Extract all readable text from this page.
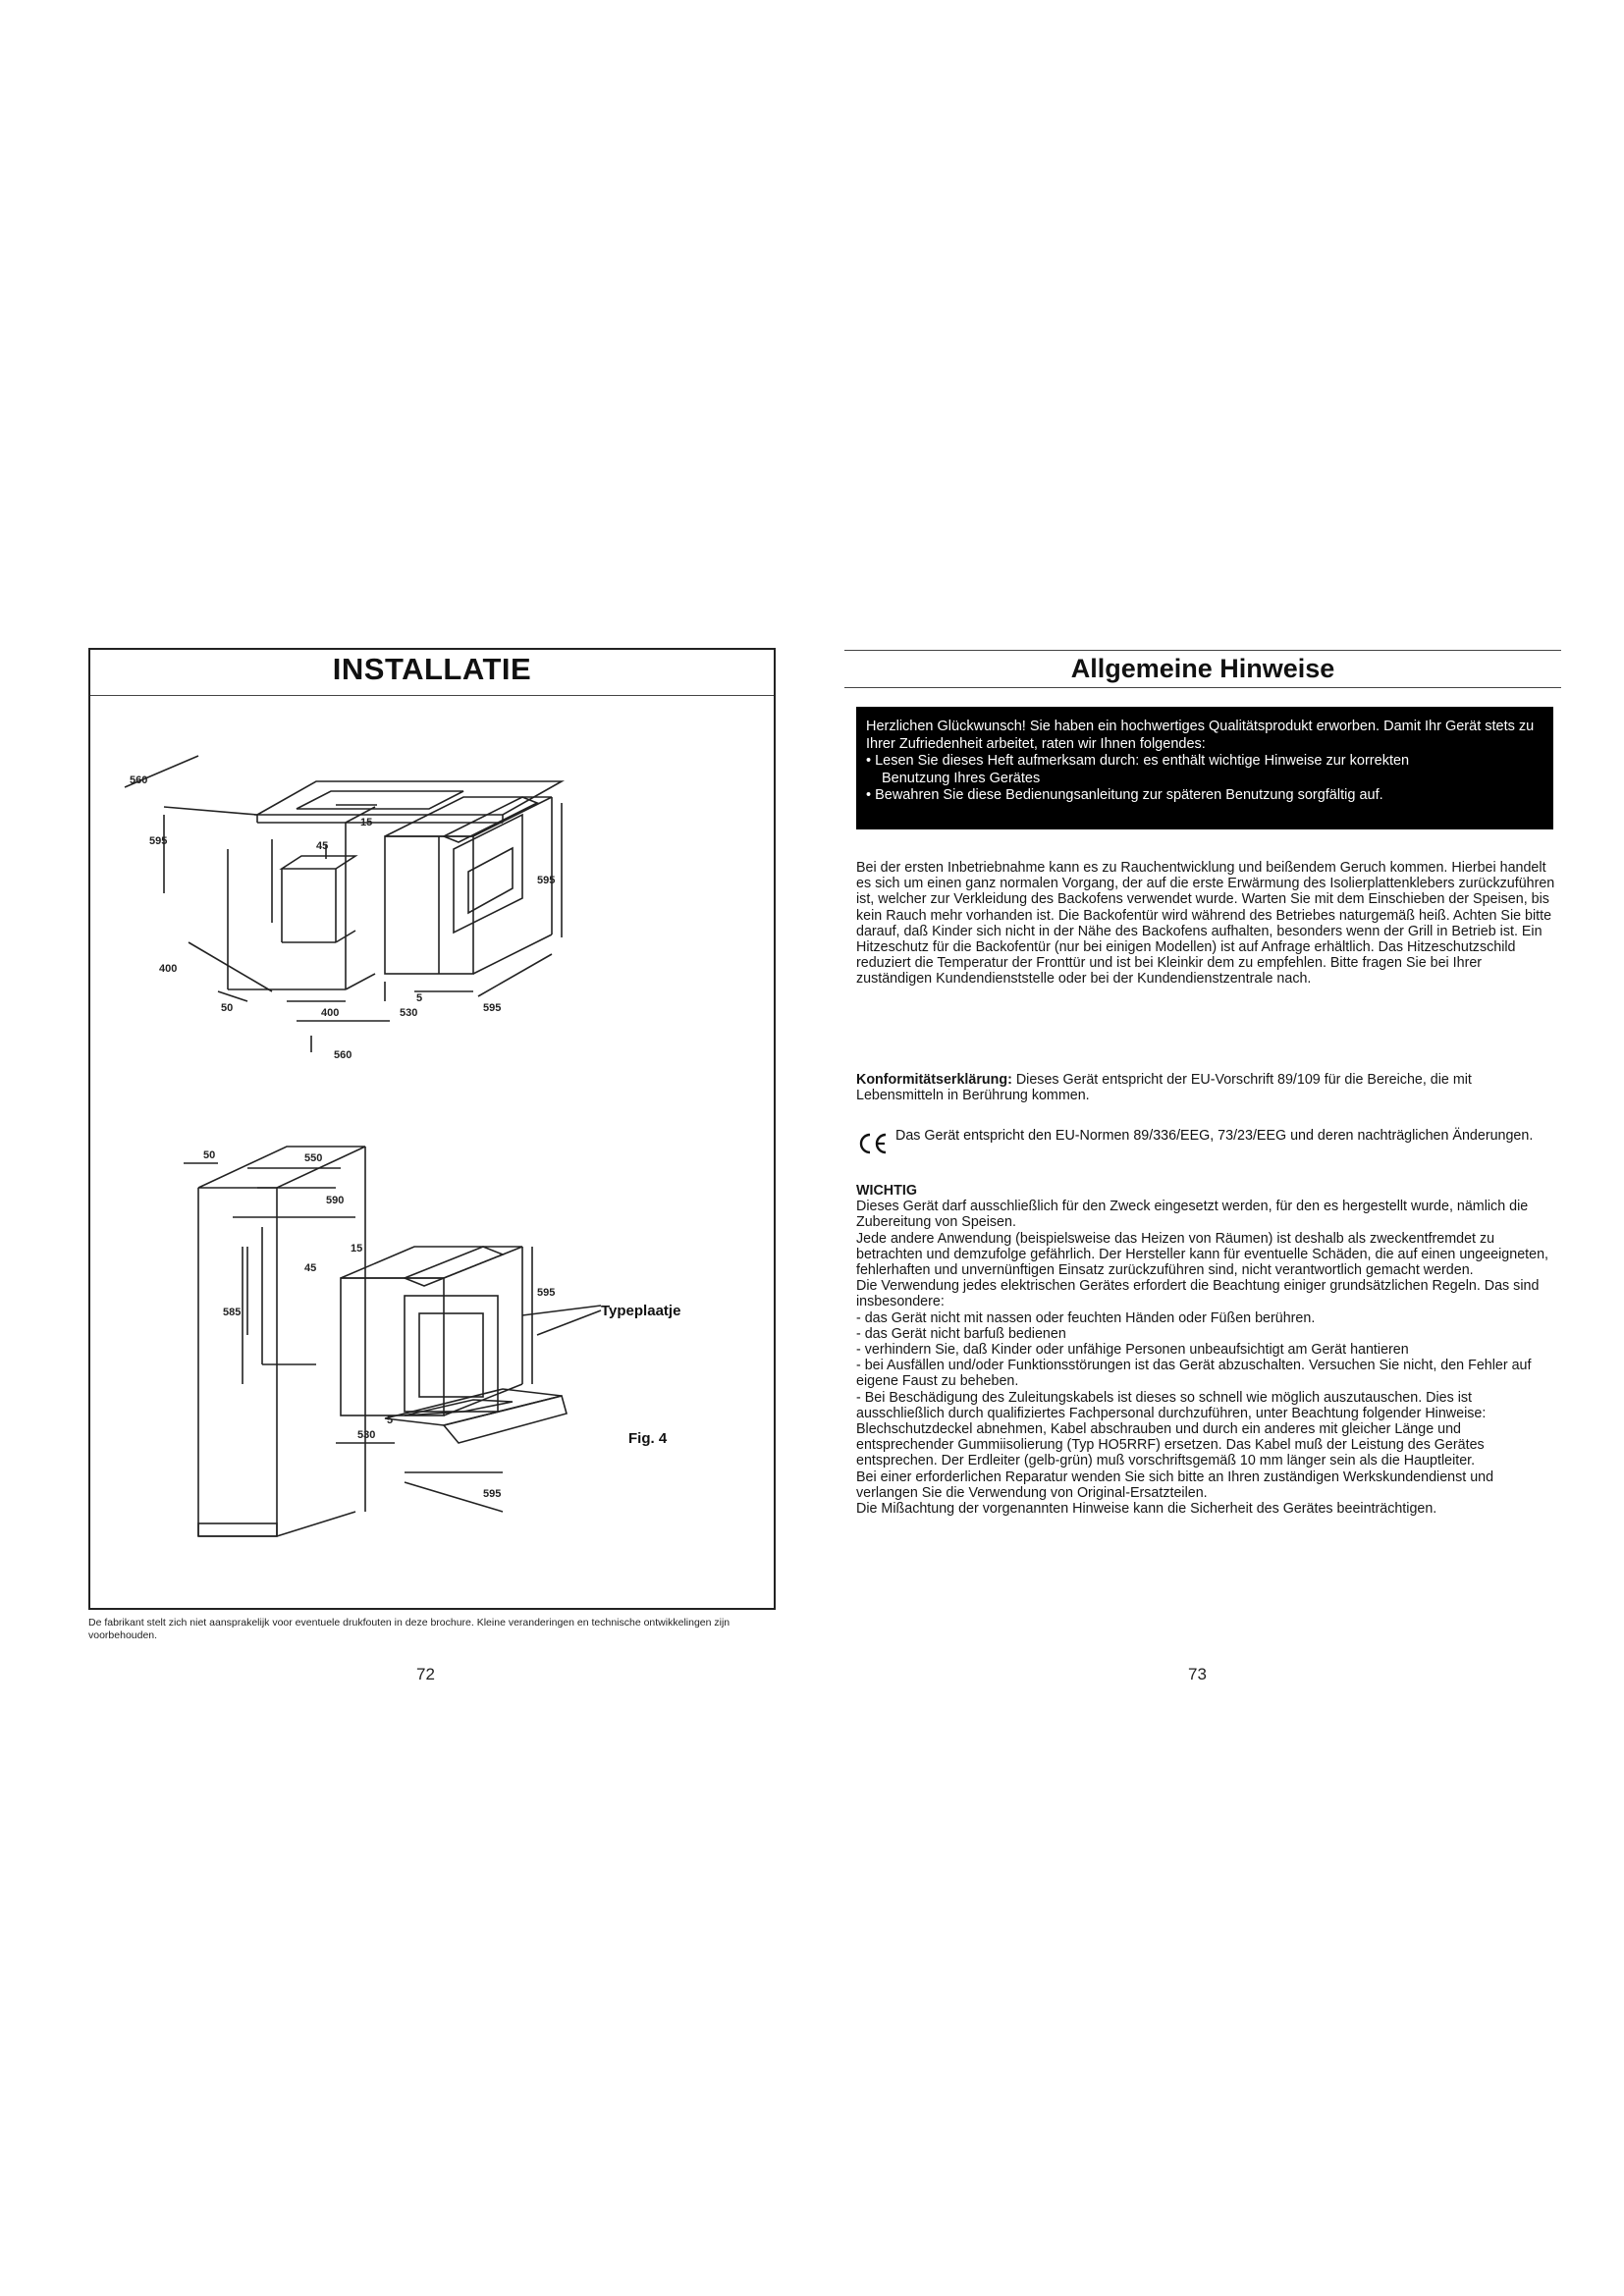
INSTALLATIE
560
595
45
15
595
400
50	400
560
530
5
595
50	550
590
15
45
585
595
5
530
595
Typeplaatje
Fig. 4
De fabrikant stelt zich niet aansprakelijk voor eventuele drukfouten in deze brochure. Kleine veranderingen en technische ontwikkelingen zijn voorbehouden.
72
Allgemeine Hinweise
Herzlichen Glückwunsch! Sie haben ein hochwertiges Qualitätsprodukt erworben. Damit Ihr Gerät stets zu Ihrer Zufriedenheit arbeitet, raten wir Ihnen folgendes:
• Lesen Sie dieses Heft aufmerksam durch: es enthält wichtige Hinweise zur korrekten
Benutzung Ihres Gerätes
• Bewahren Sie diese Bedienungsanleitung zur späteren Benutzung sorgfältig auf.
Bei der ersten Inbetriebnahme kann es zu Rauchentwicklung und beißendem Geruch kommen. Hierbei handelt es sich um einen ganz normalen Vorgang, der auf die erste Erwärmung des Isolierplattenklebers zurückzuführen ist, welcher zur Verkleidung des Backofens verwendet wurde. Warten Sie mit dem Einschieben der Speisen, bis kein Rauch mehr vorhanden ist. Die Backofentür wird während des Betriebes naturgemäß heiß. Achten Sie bitte darauf, daß Kinder sich nicht in der Nähe des Backofens aufhalten, besonders wenn der Grill in Betrieb ist. Ein Hitzeschutz für die Backofentür (nur bei einigen Modellen) ist auf Anfrage erhältlich. Das Hitzeschutzschild reduziert die Temperatur der Fronttür und ist bei Kleinkir dem zu empfehlen. Bitte fragen Sie bei Ihrer zuständigen Kundendienststelle oder bei der Kundendienstzentrale nach.
Konformitätserklärung: Dieses Gerät entspricht der EU-Vorschrift 89/109 für die Bereiche, die mit Lebensmitteln in Berührung kommen.
Das Gerät entspricht den EU-Normen 89/336/EEG, 73/23/EEG und deren nachträglichen Änderungen.
WICHTIG
Dieses Gerät darf ausschließlich für den Zweck eingesetzt werden, für den es hergestellt wurde, nämlich die Zubereitung von Speisen.
Jede andere Anwendung (beispielsweise das Heizen von Räumen) ist deshalb als zweckentfremdet zu betrachten und demzufolge gefährlich. Der Hersteller kann für eventuelle Schäden, die auf einen ungeeigneten, fehlerhaften und unvernünftigen Einsatz zurückzuführen sind, nicht verantwortlich gemacht werden.
Die Verwendung jedes elektrischen Gerätes erfordert die Beachtung einiger grundsätzlichen Regeln. Das sind insbesondere:
- das Gerät nicht mit nassen oder feuchten Händen oder Füßen berühren.
- das Gerät nicht barfuß bedienen
- verhindern Sie, daß Kinder oder unfähige Personen unbeaufsichtigt am Gerät hantieren
- bei Ausfällen und/oder Funktionsstörungen ist das Gerät abzuschalten. Versuchen Sie nicht, den Fehler auf eigene Faust zu beheben.
- Bei Beschädigung des Zuleitungskabels ist dieses so schnell wie möglich auszutauschen. Dies ist ausschließlich durch qualifiziertes Fachpersonal durchzuführen, unter Beachtung folgender Hinweise: Blechschutzdeckel abnehmen, Kabel abschrauben und durch ein anderes mit gleicher Länge und entsprechender Gummiisolierung (Typ HO5RRF) ersetzen. Das Kabel muß der Leistung des Gerätes entsprechen. Der Erdleiter (gelb-grün) muß vorschriftsgemäß 10 mm länger sein als die Hauptleiter.
Bei einer erforderlichen Reparatur wenden Sie sich bitte an Ihren zuständigen Werkskundendienst und verlangen Sie die Verwendung von Original-Ersatzteilen.
Die Mißachtung der vorgenannten Hinweise kann die Sicherheit des Gerätes beeinträchtigen.
73
